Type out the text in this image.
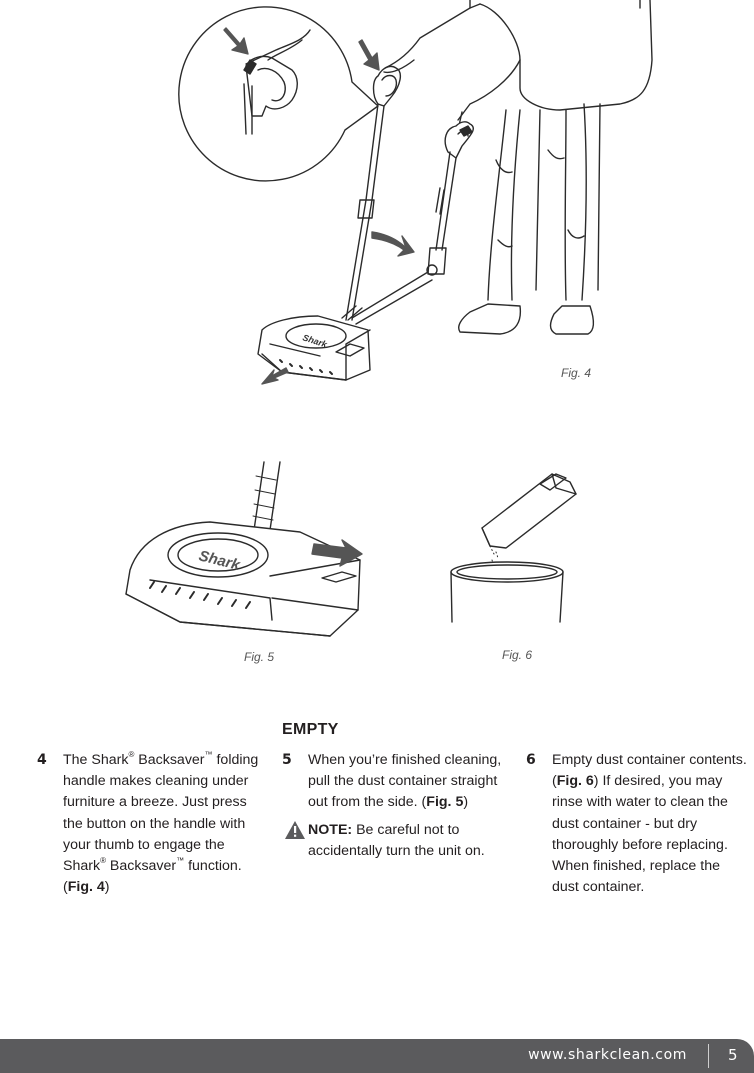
Shark
Shark
Fig. 4
Fig. 5	Fig. 6
EMPTY
4 The Shark® Backsaver™ folding handle makes cleaning under furniture a breeze. Just press the button on the handle with your thumb to engage the Shark® Backsaver™ function. (Fig. 4)

5 When you’re finished cleaning, pull the dust container straight out from the side. (Fig. 5)

NOTE: Be careful not to accidentally turn the unit on.
6 Empty dust container contents. (Fig. 6) If desired, you may rinse with water to clean the dust container - but dry thoroughly before replacing. When finished, replace the dust container.

www.sharkclean.com	5
